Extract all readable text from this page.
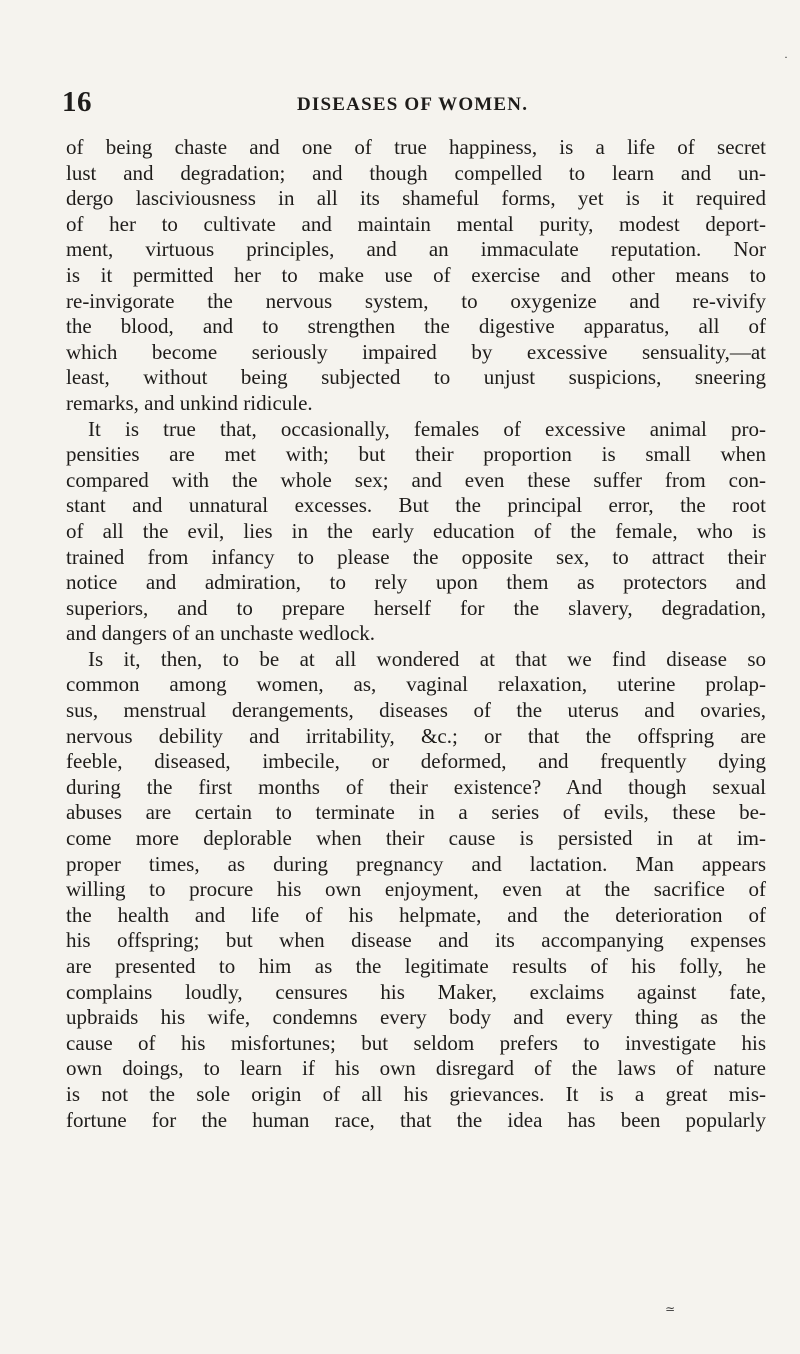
·
16	DISEASES OF WOMEN.
of being chaste and one of true happiness, is a life of secret
lust and degradation; and though compelled to learn and un-
dergo lasciviousness in all its shameful forms, yet is it required
of her to cultivate and maintain mental purity, modest deport-
ment, virtuous principles, and an immaculate reputation. Nor
is it permitted her to make use of exercise and other means to
re-invigorate the nervous system, to oxygenize and re-vivify
the blood, and to strengthen the digestive apparatus, all of
which become seriously impaired by excessive sensuality,—at
least, without being subjected to unjust suspicions, sneering
remarks, and unkind ridicule.
It is true that, occasionally, females of excessive animal pro-
pensities are met with; but their proportion is small when
compared with the whole sex; and even these suffer from con-
stant and unnatural excesses. But the principal error, the root
of all the evil, lies in the early education of the female, who is
trained from infancy to please the opposite sex, to attract their
notice and admiration, to rely upon them as protectors and
superiors, and to prepare herself for the slavery, degradation,
and dangers of an unchaste wedlock.
Is it, then, to be at all wondered at that we find disease so
common among women, as, vaginal relaxation, uterine prolap-
sus, menstrual derangements, diseases of the uterus and ovaries,
nervous debility and irritability, &c.; or that the offspring are
feeble, diseased, imbecile, or deformed, and frequently dying
during the first months of their existence? And though sexual
abuses are certain to terminate in a series of evils, these be-
come more deplorable when their cause is persisted in at im-
proper times, as during pregnancy and lactation. Man appears
willing to procure his own enjoyment, even at the sacrifice of
the health and life of his helpmate, and the deterioration of
his offspring; but when disease and its accompanying expenses
are presented to him as the legitimate results of his folly, he
complains loudly, censures his Maker, exclaims against fate,
upbraids his wife, condemns every body and every thing as the
cause of his misfortunes; but seldom prefers to investigate his
own doings, to learn if his own disregard of the laws of nature
is not the sole origin of all his grievances. It is a great mis-
fortune for the human race, that the idea has been popularly
≃
